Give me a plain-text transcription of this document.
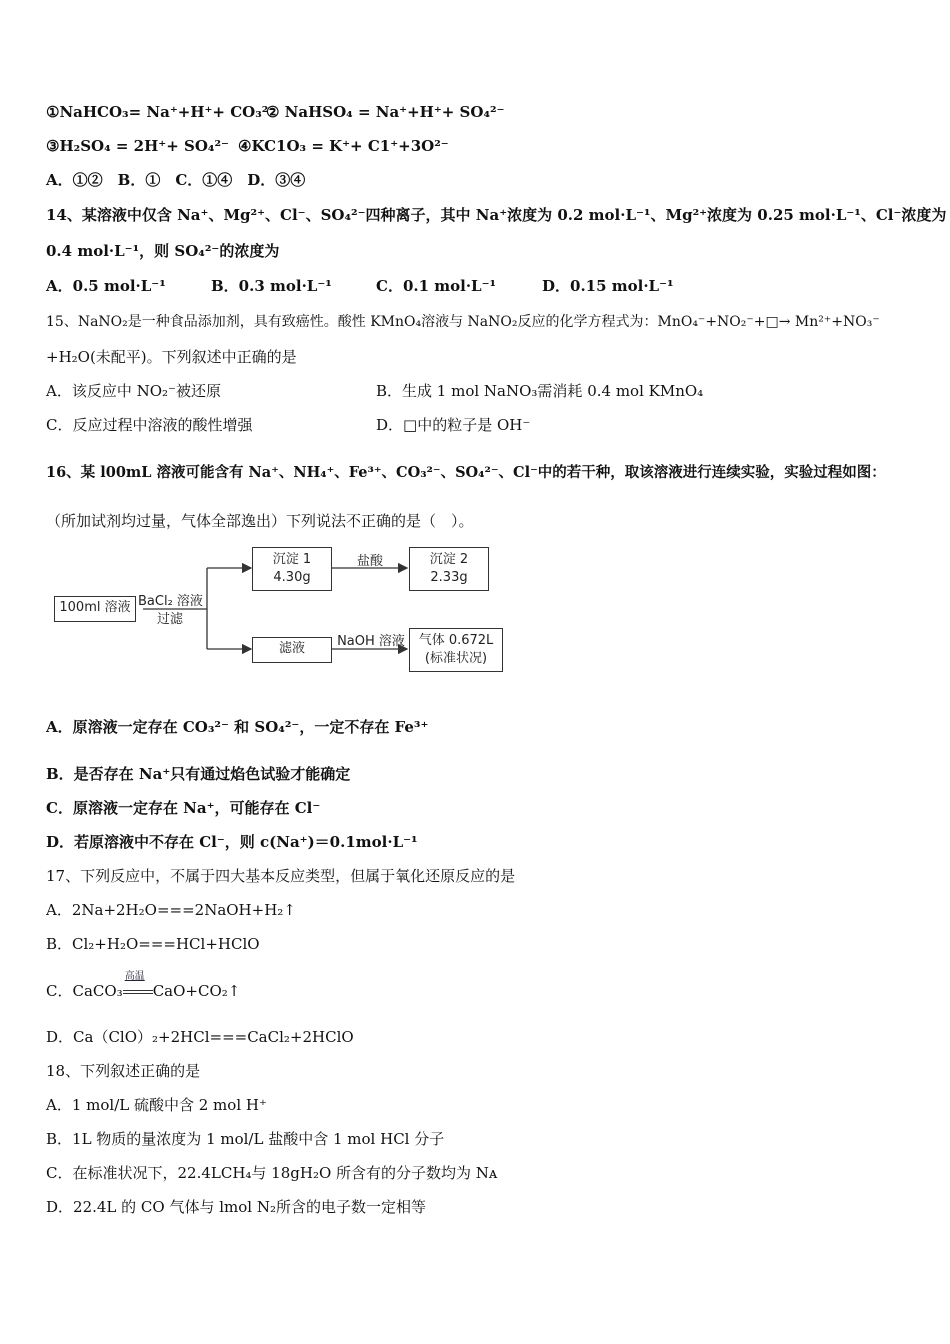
①NaHCO₃= Na⁺+H⁺+ CO₃²⁻
② NaHSO₄ = Na⁺+H⁺+ SO₄²⁻
③H₂SO₄ = 2H⁺+ SO₄²⁻ ④KC1O₃ = K⁺+ C1⁺+3O²⁻
A．①②　B．①　C．①④　D．③④
14、某溶液中仅含 Na⁺、Mg²⁺、Cl⁻、SO₄²⁻四种离子，其中 Na⁺浓度为 0.2 mol·L⁻¹、Mg²⁺浓度为 0.25 mol·L⁻¹、Cl⁻浓度为
0.4 mol·L⁻¹，则 SO₄²⁻的浓度为
A．0.5 mol·L⁻¹	B．0.3 mol·L⁻¹	C．0.1 mol·L⁻¹	D．0.15 mol·L⁻¹
15、NaNO₂是一种食品添加剂，具有致癌性。酸性 KMnO₄溶液与 NaNO₂反应的化学方程式为：MnO₄⁻+NO₂⁻+□→ Mn²⁺+NO₃⁻
+H₂O(未配平)。下列叙述中正确的是
A．该反应中 NO₂⁻被还原	B．生成 1 mol NaNO₃需消耗 0.4 mol KMnO₄
C．反应过程中溶液的酸性增强	D．□中的粒子是 OH⁻
16、某 l00mL 溶液可能含有 Na⁺、NH₄⁺、Fe³⁺、CO₃²⁻、SO₄²⁻、Cl⁻中的若干种，取该溶液进行连续实验，实验过程如图：
（所加试剂均过量，气体全部逸出）下列说法不正确的是（　）。
100ml 溶液 BaCl₂ 溶液
过滤
沉淀 1
4.30g
盐酸	沉淀 2
2.33g
滤液	NaOH 溶液	气体 0.672L
(标准状况)
A．原溶液一定存在 CO₃²⁻ 和 SO₄²⁻，一定不存在 Fe³⁺
B．是否存在 Na⁺只有通过焰色试验才能确定
C．原溶液一定存在 Na⁺，可能存在 Cl⁻
D．若原溶液中不存在 Cl⁻，则 c(Na⁺)＝0.1mol·L⁻¹
17、下列反应中，不属于四大基本反应类型，但属于氧化还原反应的是
A．2Na+2H₂O===2NaOH+H₂↑
B．Cl₂+H₂O===HCl+HClO
C．CaCO₃
高温
CaO+CO₂↑
D．Ca（ClO）₂+2HCl===CaCl₂+2HClO
18、下列叙述正确的是
A．1 mol/L 硫酸中含 2 mol H⁺
B．1L 物质的量浓度为 1 mol/L 盐酸中含 1 mol HCl 分子
C．在标准状况下，22.4LCH₄与 18gH₂O 所含有的分子数均为 Nᴀ
D．22.4L 的 CO 气体与 lmol N₂所含的电子数一定相等
